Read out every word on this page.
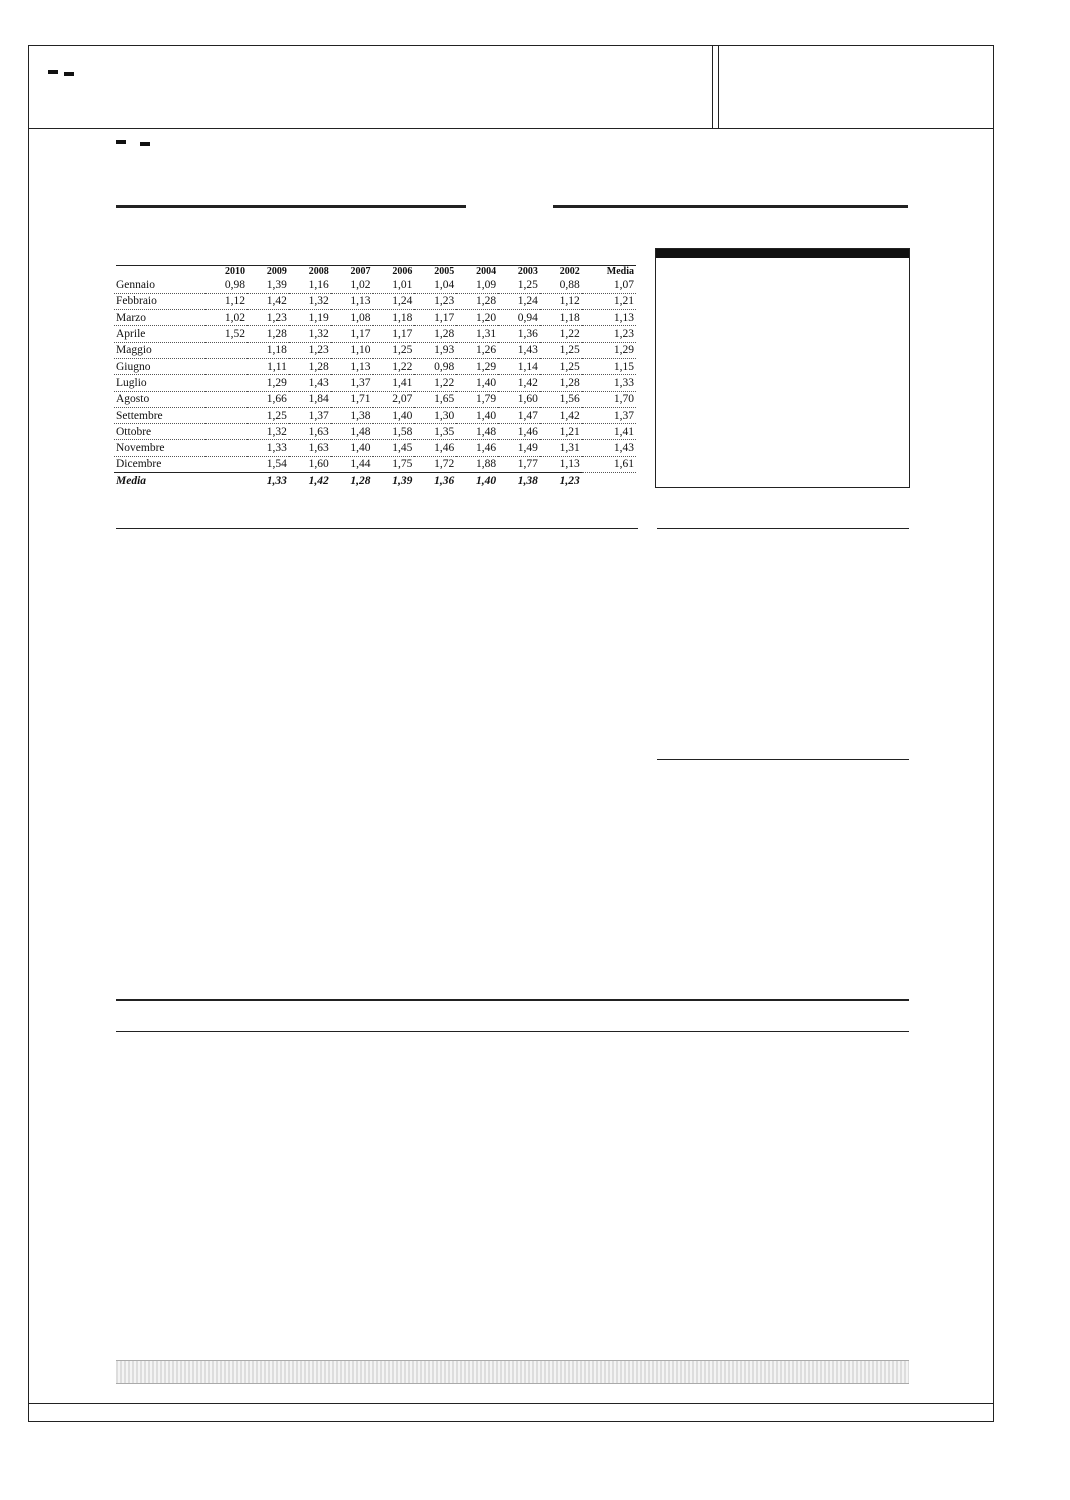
	2010	2009	2008	2007	2006	2005	2004	2003	2002	Media
Gennaio	0,98	1,39	1,16	1,02	1,01	1,04	1,09	1,25	0,88	1,07
Febbraio	1,12	1,42	1,32	1,13	1,24	1,23	1,28	1,24	1,12	1,21
Marzo	1,02	1,23	1,19	1,08	1,18	1,17	1,20	0,94	1,18	1,13
Aprile	1,52	1,28	1,32	1,17	1,17	1,28	1,31	1,36	1,22	1,23
Maggio		1,18	1,23	1,10	1,25	1,93	1,26	1,43	1,25	1,29
Giugno		1,11	1,28	1,13	1,22	0,98	1,29	1,14	1,25	1,15
Luglio		1,29	1,43	1,37	1,41	1,22	1,40	1,42	1,28	1,33
Agosto		1,66	1,84	1,71	2,07	1,65	1,79	1,60	1,56	1,70
Settembre		1,25	1,37	1,38	1,40	1,30	1,40	1,47	1,42	1,37
Ottobre		1,32	1,63	1,48	1,58	1,35	1,48	1,46	1,21	1,41
Novembre		1,33	1,63	1,40	1,45	1,46	1,46	1,49	1,31	1,43
Dicembre		1,54	1,60	1,44	1,75	1,72	1,88	1,77	1,13	1,61
Media		1,33	1,42	1,28	1,39	1,36	1,40	1,38	1,23	
